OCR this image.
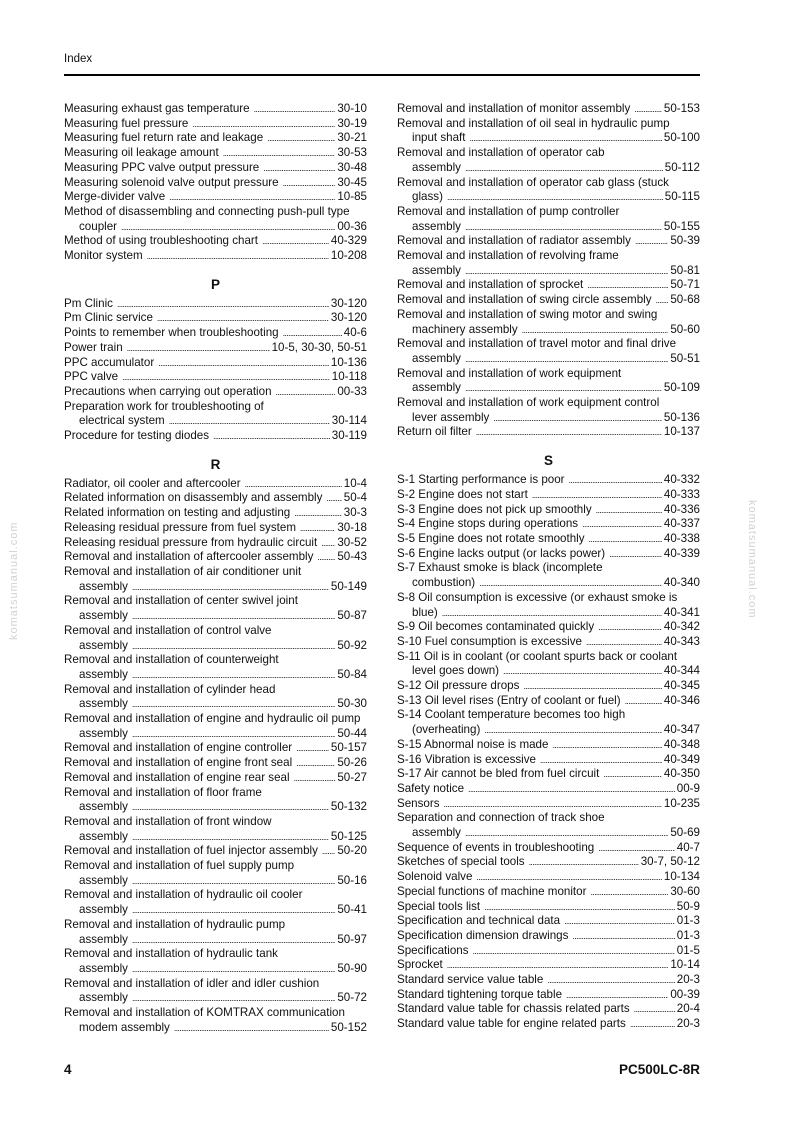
Index
komatsumanual.com	komatsumanual.com
Measuring exhaust gas temperature . . .	30-10
Measuring fuel pressure . . .	30-19
Measuring fuel return rate and leakage . . .	30-21
Measuring oil leakage amount . . .	30-53
Measuring PPC valve output pressure . . .	30-48
Measuring solenoid valve output pressure . . .	30-45
Merge-divider valve . . .	10-85
Method of disassembling and connecting push-pull type
coupler . . .	00-36
Method of using troubleshooting chart . . .	40-329
Monitor system . . .	10-208
P
Pm Clinic . . .	30-120
Pm Clinic service . . .	30-120
Points to remember when troubleshooting . . .	40-6
Power train . . .	10-5, 30-30, 50-51
PPC accumulator . . .	10-136
PPC valve . . .	10-118
Precautions when carrying out operation . . .	00-33
Preparation work for troubleshooting of
electrical system . . .	30-114
Procedure for testing diodes . . .	30-119
R
Radiator, oil cooler and aftercooler . . .	10-4
Related information on disassembly and assembly . . . 50-4
Related information on testing and adjusting . . .	30-3
Releasing residual pressure from fuel system . . .	30-18
Releasing residual pressure from hydraulic circuit . . . 30-52
Removal and installation of aftercooler assembly . . . 50-43
Removal and installation of air conditioner unit
assembly . . .	50-149
Removal and installation of center swivel joint
assembly . . .	50-87
Removal and installation of control valve
assembly . . .	50-92
Removal and installation of counterweight
assembly . . .	50-84
Removal and installation of cylinder head
assembly . . .	50-30
Removal and installation of engine and hydraulic oil pump
assembly . . .	50-44
Removal and installation of engine controller . . .	50-157
Removal and installation of engine front seal . . .	50-26
Removal and installation of engine rear seal . . .	50-27
Removal and installation of floor frame
assembly . . .	50-132
Removal and installation of front window
assembly . . .	50-125
Removal and installation of fuel injector assembly . . . 50-20
Removal and installation of fuel supply pump
assembly . . .	50-16
Removal and installation of hydraulic oil cooler
assembly . . .	50-41
Removal and installation of hydraulic pump
assembly . . .	50-97
Removal and installation of hydraulic tank
assembly . . .	50-90
Removal and installation of idler and idler cushion
assembly . . .	50-72
Removal and installation of KOMTRAX communication
modem assembly . . .	50-152
Removal and installation of monitor assembly . . .	50-153
Removal and installation of oil seal in hydraulic pump
input shaft . . .	50-100
Removal and installation of operator cab
assembly . . .	50-112
Removal and installation of operator cab glass (stuck
glass) . . .	50-115
Removal and installation of pump controller
assembly . . .	50-155
Removal and installation of radiator assembly . . .	50-39
Removal and installation of revolving frame
assembly . . .	50-81
Removal and installation of sprocket . . .	50-71
Removal and installation of swing circle assembly . . . 50-68
Removal and installation of swing motor and swing
machinery assembly . . .	50-60
Removal and installation of travel motor and final drive
assembly . . .	50-51
Removal and installation of work equipment
assembly . . .	50-109
Removal and installation of work equipment control
lever assembly . . .	50-136
Return oil filter . . .	10-137
S
S-1 Starting performance is poor . . .	40-332
S-2 Engine does not start . . .	40-333
S-3 Engine does not pick up smoothly . . .	40-336
S-4 Engine stops during operations . . .	40-337
S-5 Engine does not rotate smoothly . . .	40-338
S-6 Engine lacks output (or lacks power) . . .	40-339
S-7 Exhaust smoke is black (incomplete
combustion) . . .	40-340
S-8 Oil consumption is excessive (or exhaust smoke is
blue) . . .	40-341
S-9 Oil becomes contaminated quickly . . .	40-342
S-10 Fuel consumption is excessive . . .	40-343
S-11 Oil is in coolant (or coolant spurts back or coolant
level goes down) . . .	40-344
S-12 Oil pressure drops . . .	40-345
S-13 Oil level rises (Entry of coolant or fuel) . . .	40-346
S-14 Coolant temperature becomes too high
(overheating) . . .	40-347
S-15 Abnormal noise is made . . .	40-348
S-16 Vibration is excessive . . .	40-349
S-17 Air cannot be bled from fuel circuit . . .	40-350
Safety notice . . .	00-9
Sensors . . .	10-235
Separation and connection of track shoe
assembly . . .	50-69
Sequence of events in troubleshooting . . .	40-7
Sketches of special tools . . .	30-7, 50-12
Solenoid valve . . .	10-134
Special functions of machine monitor . . .	30-60
Special tools list . . .	50-9
Specification and technical data . . .	01-3
Specification dimension drawings . . .	01-3
Specifications . . .	01-5
Sprocket . . .	10-14
Standard service value table . . .	20-3
Standard tightening torque table . . .	00-39
Standard value table for chassis related parts . . .	20-4
Standard value table for engine related parts . . .	20-3
4	PC500LC-8R
